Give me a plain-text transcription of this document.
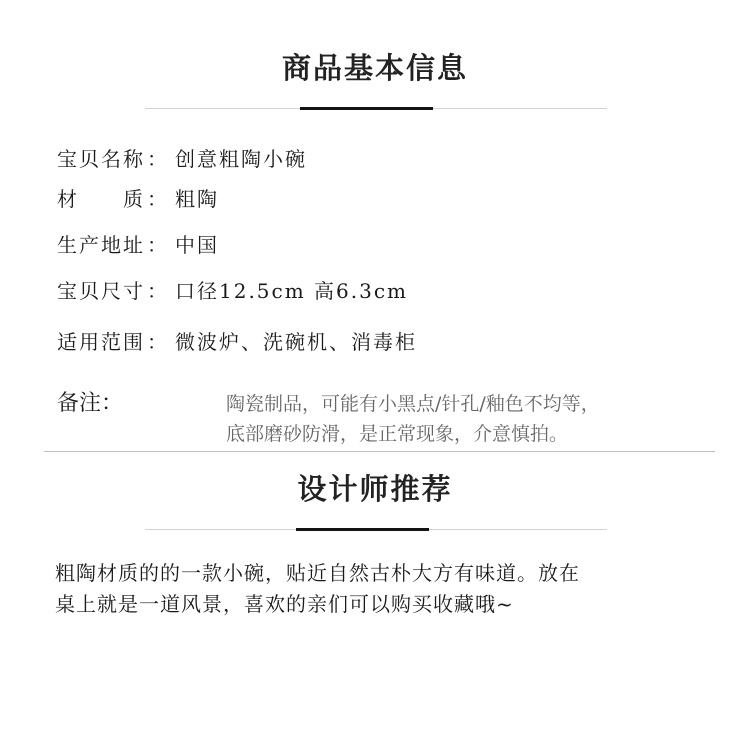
商品基本信息
宝贝名称 ： 创意粗陶小碗
材　　质 ： 粗陶
生产地址 ： 中国
宝贝尺寸 ： 口径12.5cm 高6.3cm
适用范围 ： 微波炉、洗碗机、消毒柜
备注：	陶瓷制品，可能有小黑点/针孔/釉色不均等，
底部磨砂防滑，是正常现象，介意慎拍。
设计师推荐
粗陶材质的的一款小碗，贴近自然古朴大方有味道。放在
桌上就是一道风景，喜欢的亲们可以购买收藏哦~
